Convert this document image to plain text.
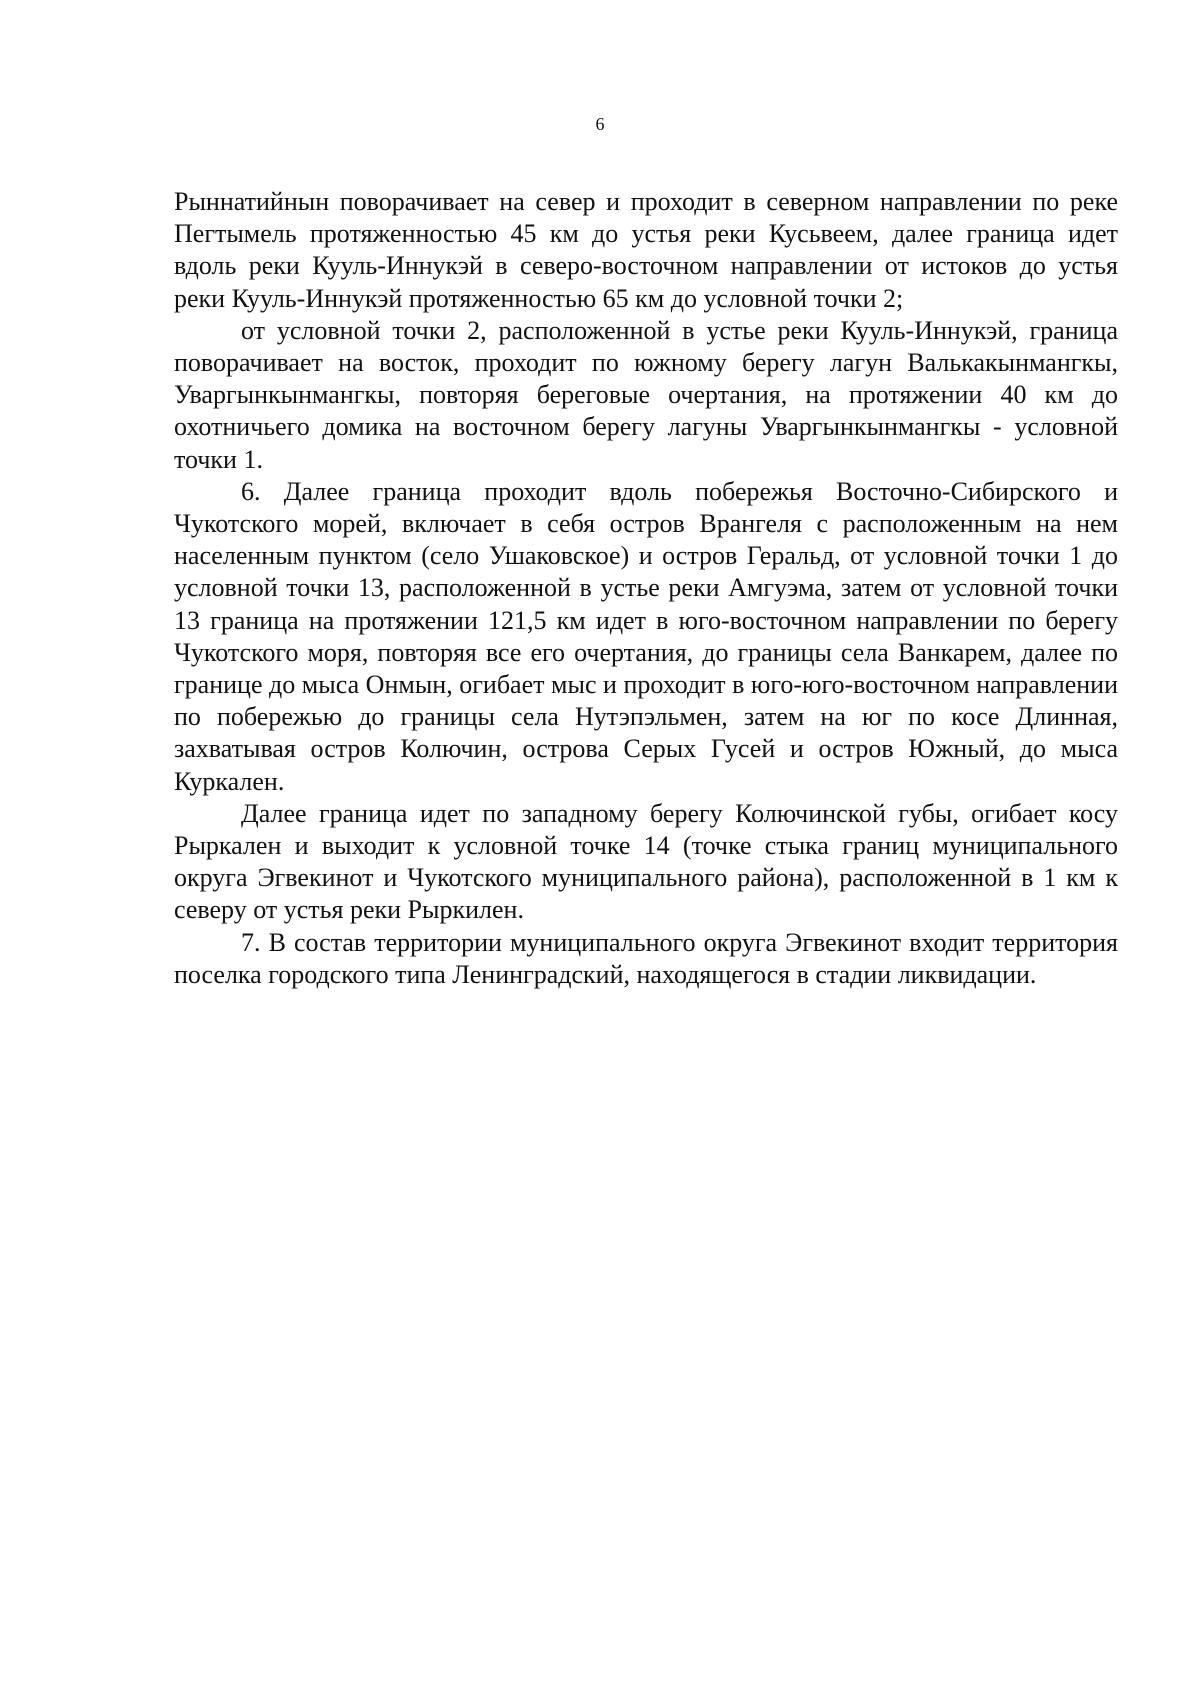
6

Рыннатийнын поворачивает на север и проходит в северном направлении по реке Пегтымель протяженностью 45 км до устья реки Кусьвеем, далее граница идет вдоль реки Кууль-Иннукэй в северо-восточном направлении от истоков до устья реки Кууль-Иннукэй протяженностью 65 км до условной точки 2;

от условной точки 2, расположенной в устье реки Кууль-Иннукэй, граница поворачивает на восток, проходит по южному берегу лагун Валькакынмангкы, Уваргынкынмангкы, повторяя береговые очертания, на протяжении 40 км до охотничьего домика на восточном берегу лагуны Уваргынкынмангкы - условной точки 1.

6. Далее граница проходит вдоль побережья Восточно-Сибирского и Чукотского морей, включает в себя остров Врангеля с расположенным на нем населенным пунктом (село Ушаковское) и остров Геральд, от условной точки 1 до условной точки 13, расположенной в устье реки Амгуэма, затем от условной точки 13 граница на протяжении 121,5 км идет в юго-восточном направлении по берегу Чукотского моря, повторяя все его очертания, до границы села Ванкарем, далее по границе до мыса Онмын, огибает мыс и проходит в юго-юго-восточном направлении по побережью до границы села Нутэпэльмен, затем на юг по косе Длинная, захватывая остров Колючин, острова Серых Гусей и остров Южный, до мыса Куркален.

Далее граница идет по западному берегу Колючинской губы, огибает косу Рыркален и выходит к условной точке 14 (точке стыка границ муниципального округа Эгвекинот и Чукотского муниципального района), расположенной в 1 км к северу от устья реки Рыркилен.

7. В состав территории муниципального округа Эгвекинот входит территория поселка городского типа Ленинградский, находящегося в стадии ликвидации.
